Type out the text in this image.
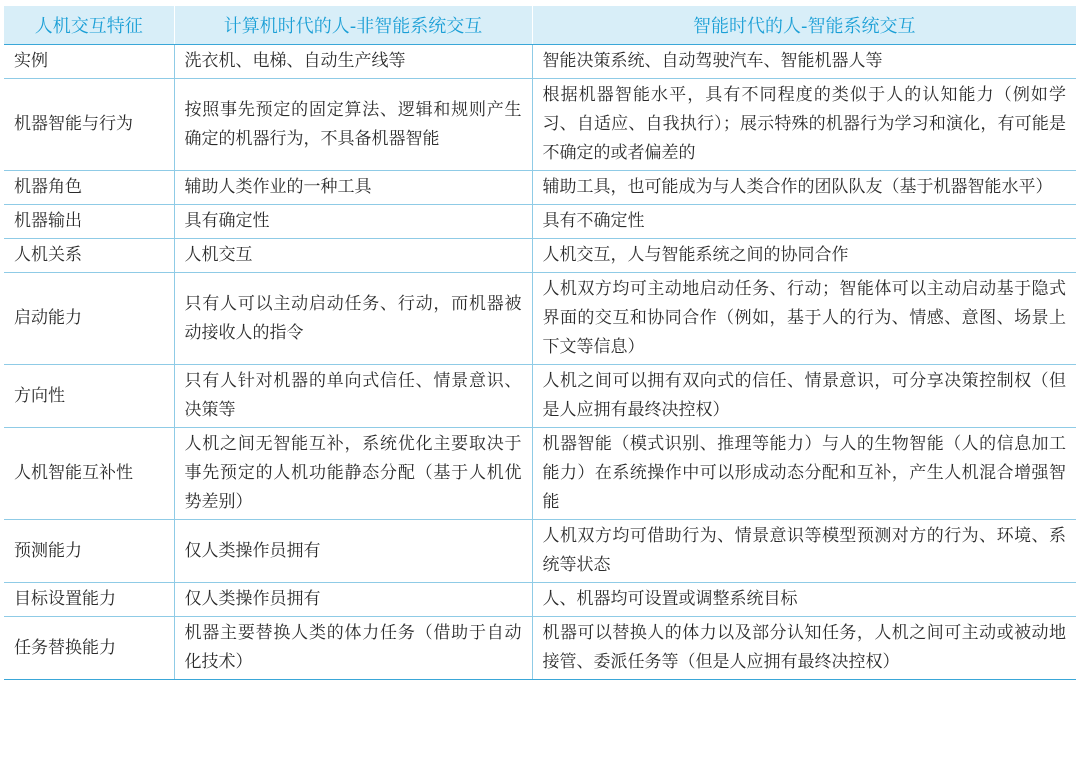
人机交互特征	计算机时代的人-非智能系统交互	智能时代的人-智能系统交互
实例	洗衣机、电梯、自动生产线等	智能决策系统、自动驾驶汽车、智能机器人等
机器智能与行为	按照事先预定的固定算法、逻辑和规则产生确定的机器行为，不具备机器智能	根据机器智能水平，具有不同程度的类似于人的认知能力（例如学习、自适应、自我执行）；展示特殊的机器行为学习和演化，有可能是不确定的或者偏差的
机器角色	辅助人类作业的一种工具	辅助工具，也可能成为与人类合作的团队队友（基于机器智能水平）
机器输出	具有确定性	具有不确定性
人机关系	人机交互	人机交互，人与智能系统之间的协同合作
启动能力	只有人可以主动启动任务、行动，而机器被动接收人的指令	人机双方均可主动地启动任务、行动；智能体可以主动启动基于隐式界面的交互和协同合作（例如，基于人的行为、情感、意图、场景上下文等信息）
方向性	只有人针对机器的单向式信任、情景意识、决策等	人机之间可以拥有双向式的信任、情景意识，可分享决策控制权（但是人应拥有最终决控权）
人机智能互补性	人机之间无智能互补，系统优化主要取决于事先预定的人机功能静态分配（基于人机优势差别）	机器智能（模式识别、推理等能力）与人的生物智能（人的信息加工能力）在系统操作中可以形成动态分配和互补，产生人机混合增强智能
预测能力	仅人类操作员拥有	人机双方均可借助行为、情景意识等模型预测对方的行为、环境、系统等状态
目标设置能力	仅人类操作员拥有	人、机器均可设置或调整系统目标
任务替换能力	机器主要替换人类的体力任务（借助于自动化技术）	机器可以替换人的体力以及部分认知任务，人机之间可主动或被动地接管、委派任务等（但是人应拥有最终决控权）
